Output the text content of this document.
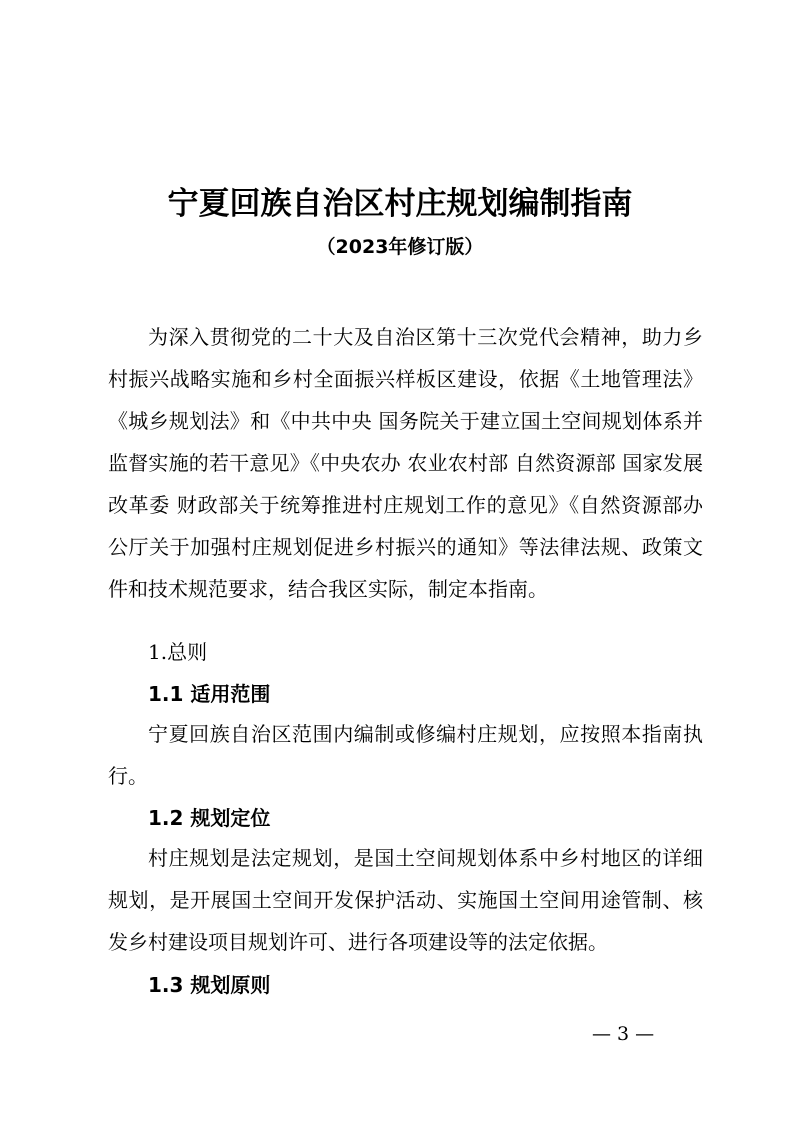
宁夏回族自治区村庄规划编制指南
（2023年修订版）

为深入贯彻党的二十大及自治区第十三次党代会精神，助力乡村振兴战略实施和乡村全面振兴样板区建设，依据《土地管理法》《城乡规划法》和《中共中央 国务院关于建立国土空间规划体系并监督实施的若干意见》《中央农办 农业农村部 自然资源部 国家发展改革委 财政部关于统筹推进村庄规划工作的意见》《自然资源部办公厅关于加强村庄规划促进乡村振兴的通知》等法律法规、政策文件和技术规范要求，结合我区实际，制定本指南。

1.总则
1.1 适用范围

宁夏回族自治区范围内编制或修编村庄规划，应按照本指南执行。

1.2 规划定位

村庄规划是法定规划，是国土空间规划体系中乡村地区的详细规划，是开展国土空间开发保护活动、实施国土空间用途管制、核发乡村建设项目规划许可、进行各项建设等的法定依据。

1.3 规划原则
— 3 —
